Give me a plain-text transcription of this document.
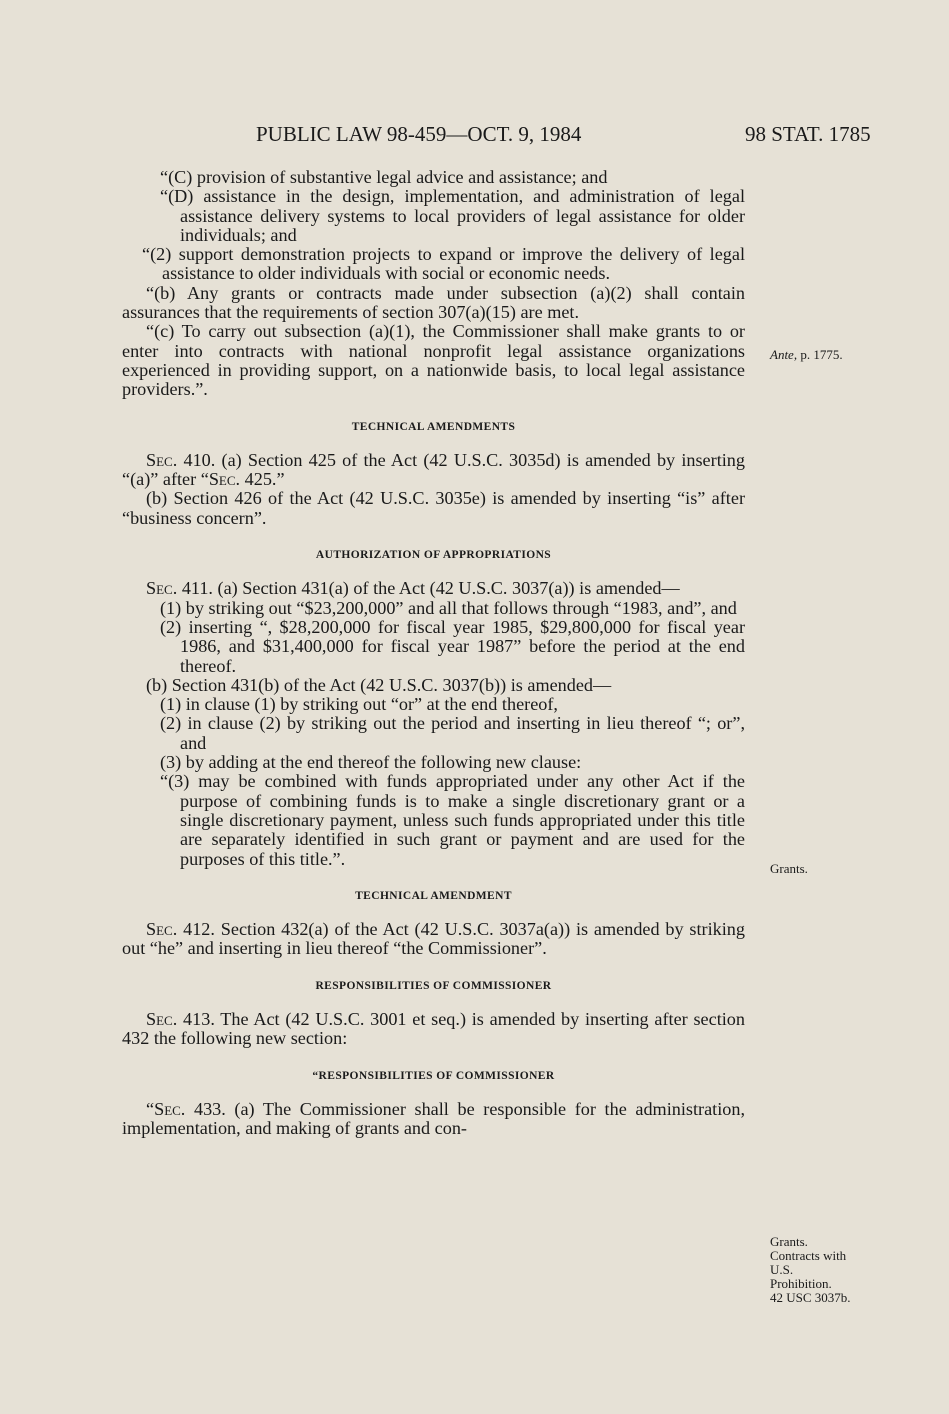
PUBLIC LAW 98-459—OCT. 9, 1984	98 STAT. 1785

“(C) provision of substantive legal advice and assistance; and

“(D) assistance in the design, implementation, and administration of legal assistance delivery systems to local providers of legal assistance for older individuals; and

“(2) support demonstration projects to expand or improve the delivery of legal assistance to older individuals with social or economic needs.

“(b) Any grants or contracts made under subsection (a)(2) shall contain assurances that the requirements of section 307(a)(15) are met.

“(c) To carry out subsection (a)(1), the Commissioner shall make grants to or enter into contracts with national nonprofit legal assistance organizations experienced in providing support, on a nationwide basis, to local legal assistance providers.”.

TECHNICAL AMENDMENTS

Sec. 410. (a) Section 425 of the Act (42 U.S.C. 3035d) is amended by inserting “(a)” after “Sec. 425.”

(b) Section 426 of the Act (42 U.S.C. 3035e) is amended by inserting “is” after “business concern”.

AUTHORIZATION OF APPROPRIATIONS

Sec. 411. (a) Section 431(a) of the Act (42 U.S.C. 3037(a)) is amended—

(1) by striking out “$23,200,000” and all that follows through “1983, and”, and

(2) inserting “, $28,200,000 for fiscal year 1985, $29,800,000 for fiscal year 1986, and $31,400,000 for fiscal year 1987” before the period at the end thereof.

(b) Section 431(b) of the Act (42 U.S.C. 3037(b)) is amended—

(1) in clause (1) by striking out “or” at the end thereof,

(2) in clause (2) by striking out the period and inserting in lieu thereof “; or”, and

(3) by adding at the end thereof the following new clause:

“(3) may be combined with funds appropriated under any other Act if the purpose of combining funds is to make a single discretionary grant or a single discretionary payment, unless such funds appropriated under this title are separately identified in such grant or payment and are used for the purposes of this title.”.

TECHNICAL AMENDMENT

Sec. 412. Section 432(a) of the Act (42 U.S.C. 3037a(a)) is amended by striking out “he” and inserting in lieu thereof “the Commissioner”.

RESPONSIBILITIES OF COMMISSIONER

Sec. 413. The Act (42 U.S.C. 3001 et seq.) is amended by inserting after section 432 the following new section:

“RESPONSIBILITIES OF COMMISSIONER

“Sec. 433. (a) The Commissioner shall be responsible for the administration, implementation, and making of grants and con-

Ante, p. 1775.
Grants.
Grants.
Contracts with
U.S.
Prohibition.
42 USC 3037b.
